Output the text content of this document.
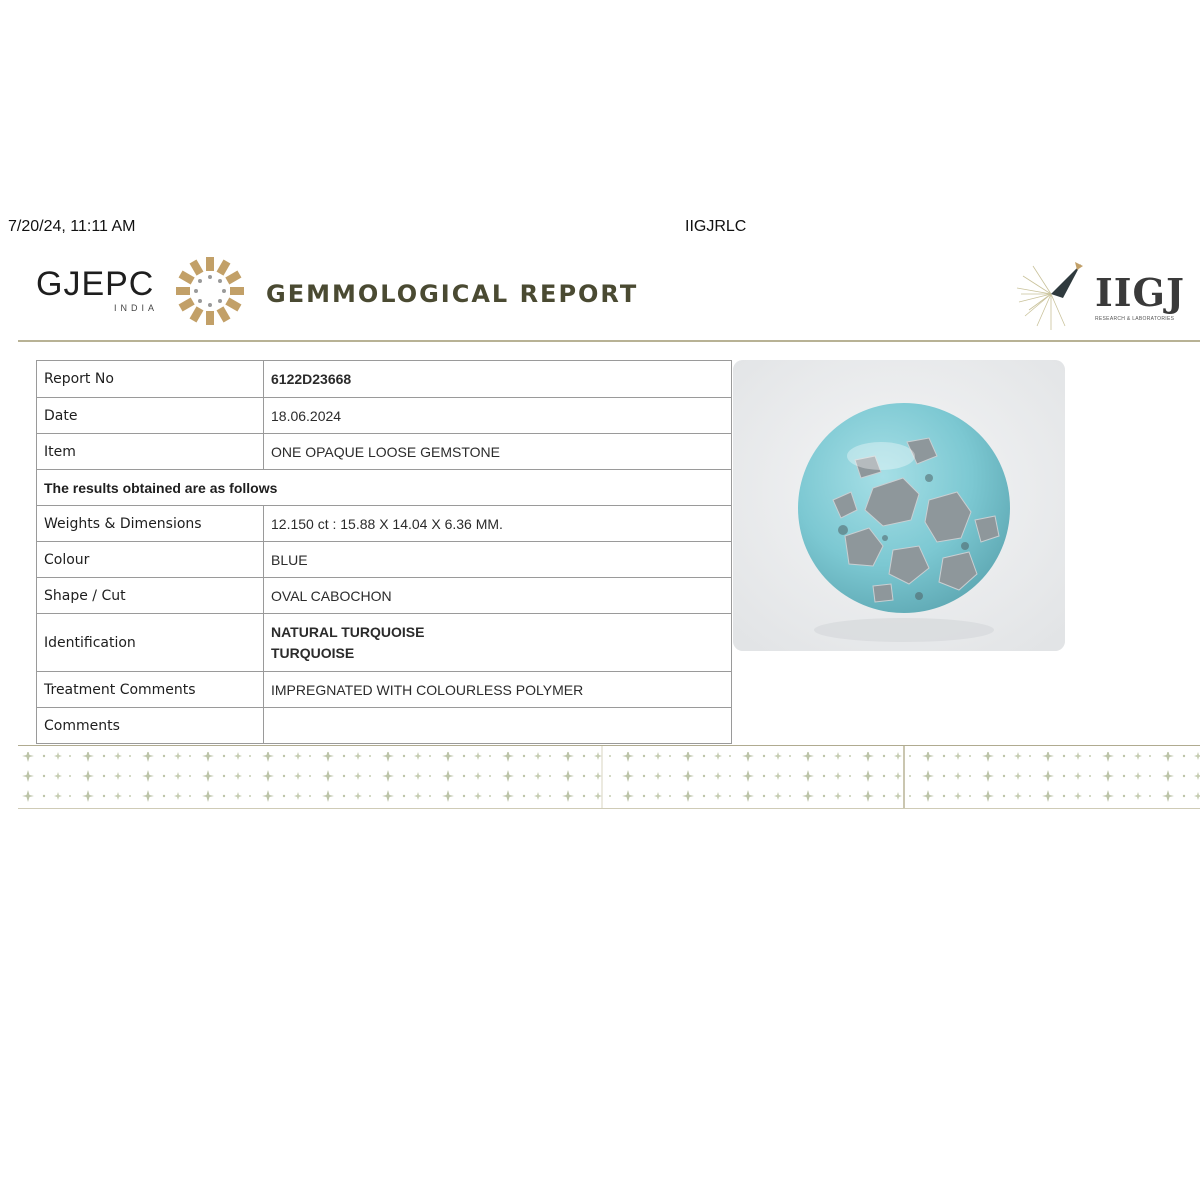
7/20/24, 11:11 AM	IIGJRLC
GJEPC
INDIA	GEMMOLOGICAL REPORT	IIGJ
RESEARCH & LABORATORIES
Report No	6122D23668
Date	18.06.2024
Item	ONE OPAQUE LOOSE GEMSTONE
The results obtained are as follows	
Weights & Dimensions	12.150 ct : 15.88 X 14.04 X 6.36 MM.
Colour	BLUE
Shape / Cut	OVAL CABOCHON
Identification	NATURAL TURQUOISE
TURQUOISE

Treatment Comments	IMPREGNATED WITH COLOURLESS POLYMER
Comments	
